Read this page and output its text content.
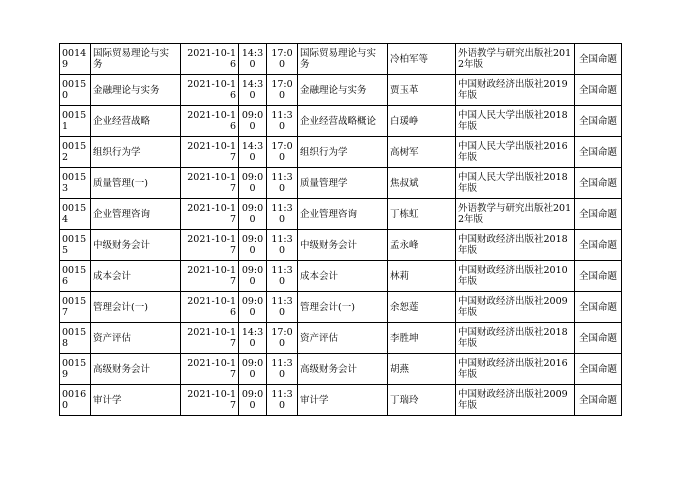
00149	国际贸易理论与实务	2021-10-16	14:30	17:00	国际贸易理论与实务	冷柏军等	外语教学与研究出版社2012年版	全国命题
00150	金融理论与实务	2021-10-16	14:30	17:00	金融理论与实务	贾玉革	中国财政经济出版社2019年版	全国命题
00151	企业经营战略	2021-10-16	09:00	11:30	企业经营战略概论	白瑗峥	中国人民大学出版社2018年版	全国命题
00152	组织行为学	2021-10-17	14:30	17:00	组织行为学	高树军	中国人民大学出版社2016年版	全国命题
00153	质量管理(一)	2021-10-17	09:00	11:30	质量管理学	焦叔斌	中国人民大学出版社2018年版	全国命题
00154	企业管理咨询	2021-10-17	09:00	11:30	企业管理咨询	丁栋虹	外语教学与研究出版社2012年版	全国命题
00155	中级财务会计	2021-10-17	09:00	11:30	中级财务会计	孟永峰	中国财政经济出版社2018年版	全国命题
00156	成本会计	2021-10-17	09:00	11:30	成本会计	林莉	中国财政经济出版社2010年版	全国命题
00157	管理会计(一)	2021-10-16	09:00	11:30	管理会计(一)	余恕莲	中国财政经济出版社2009年版	全国命题
00158	资产评估	2021-10-17	14:30	17:00	资产评估	李胜坤	中国财政经济出版社2018年版	全国命题
00159	高级财务会计	2021-10-17	09:00	11:30	高级财务会计	胡燕	中国财政经济出版社2016年版	全国命题
00160	审计学	2021-10-17	09:00	11:30	审计学	丁瑞玲	中国财政经济出版社2009年版	全国命题
